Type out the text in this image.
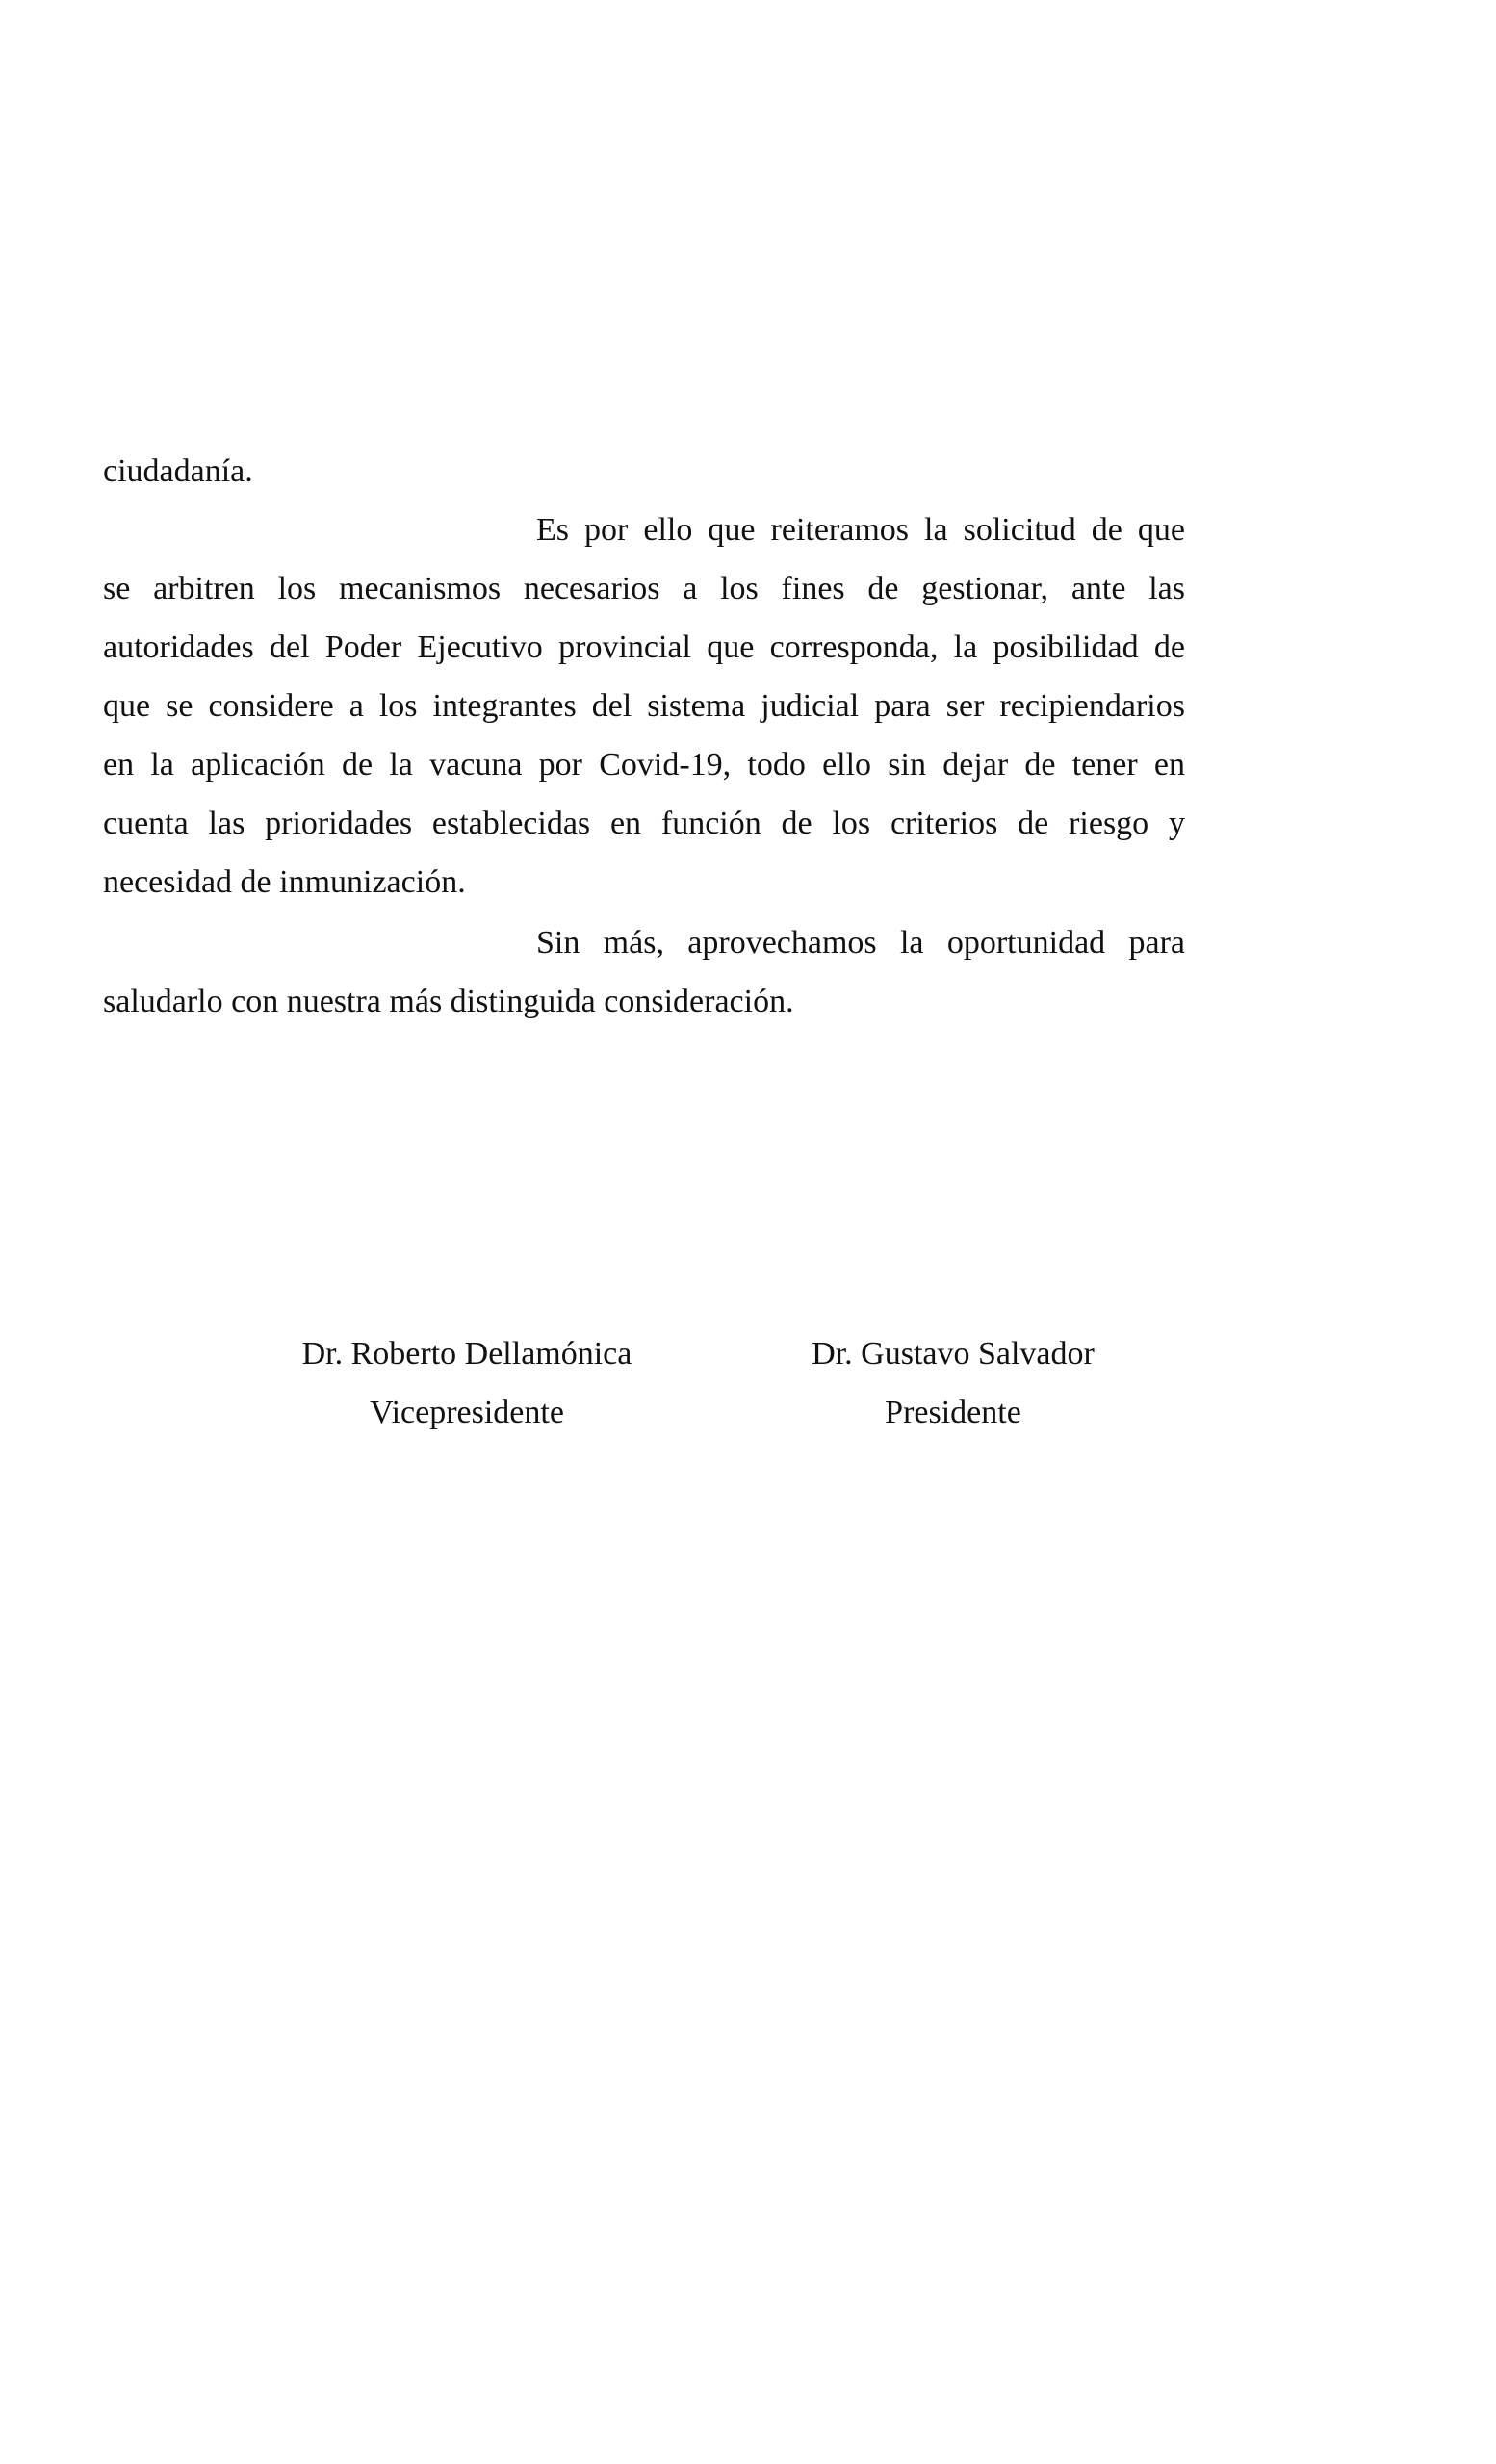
ciudadanía.
Es por ello que reiteramos la solicitud de que
se arbitren los mecanismos necesarios a los fines de gestionar, ante las
autoridades del Poder Ejecutivo provincial que corresponda, la posibilidad de
que se considere a los integrantes del sistema judicial para ser recipiendarios
en la aplicación de la vacuna por Covid-19, todo ello sin dejar de tener en
cuenta las prioridades establecidas en función de los criterios de riesgo y
necesidad de inmunización.
Sin más, aprovechamos la oportunidad para
saludarlo con nuestra más distinguida consideración.
Dr. Roberto Dellamónica
Vicepresidente
Dr. Gustavo Salvador
Presidente
